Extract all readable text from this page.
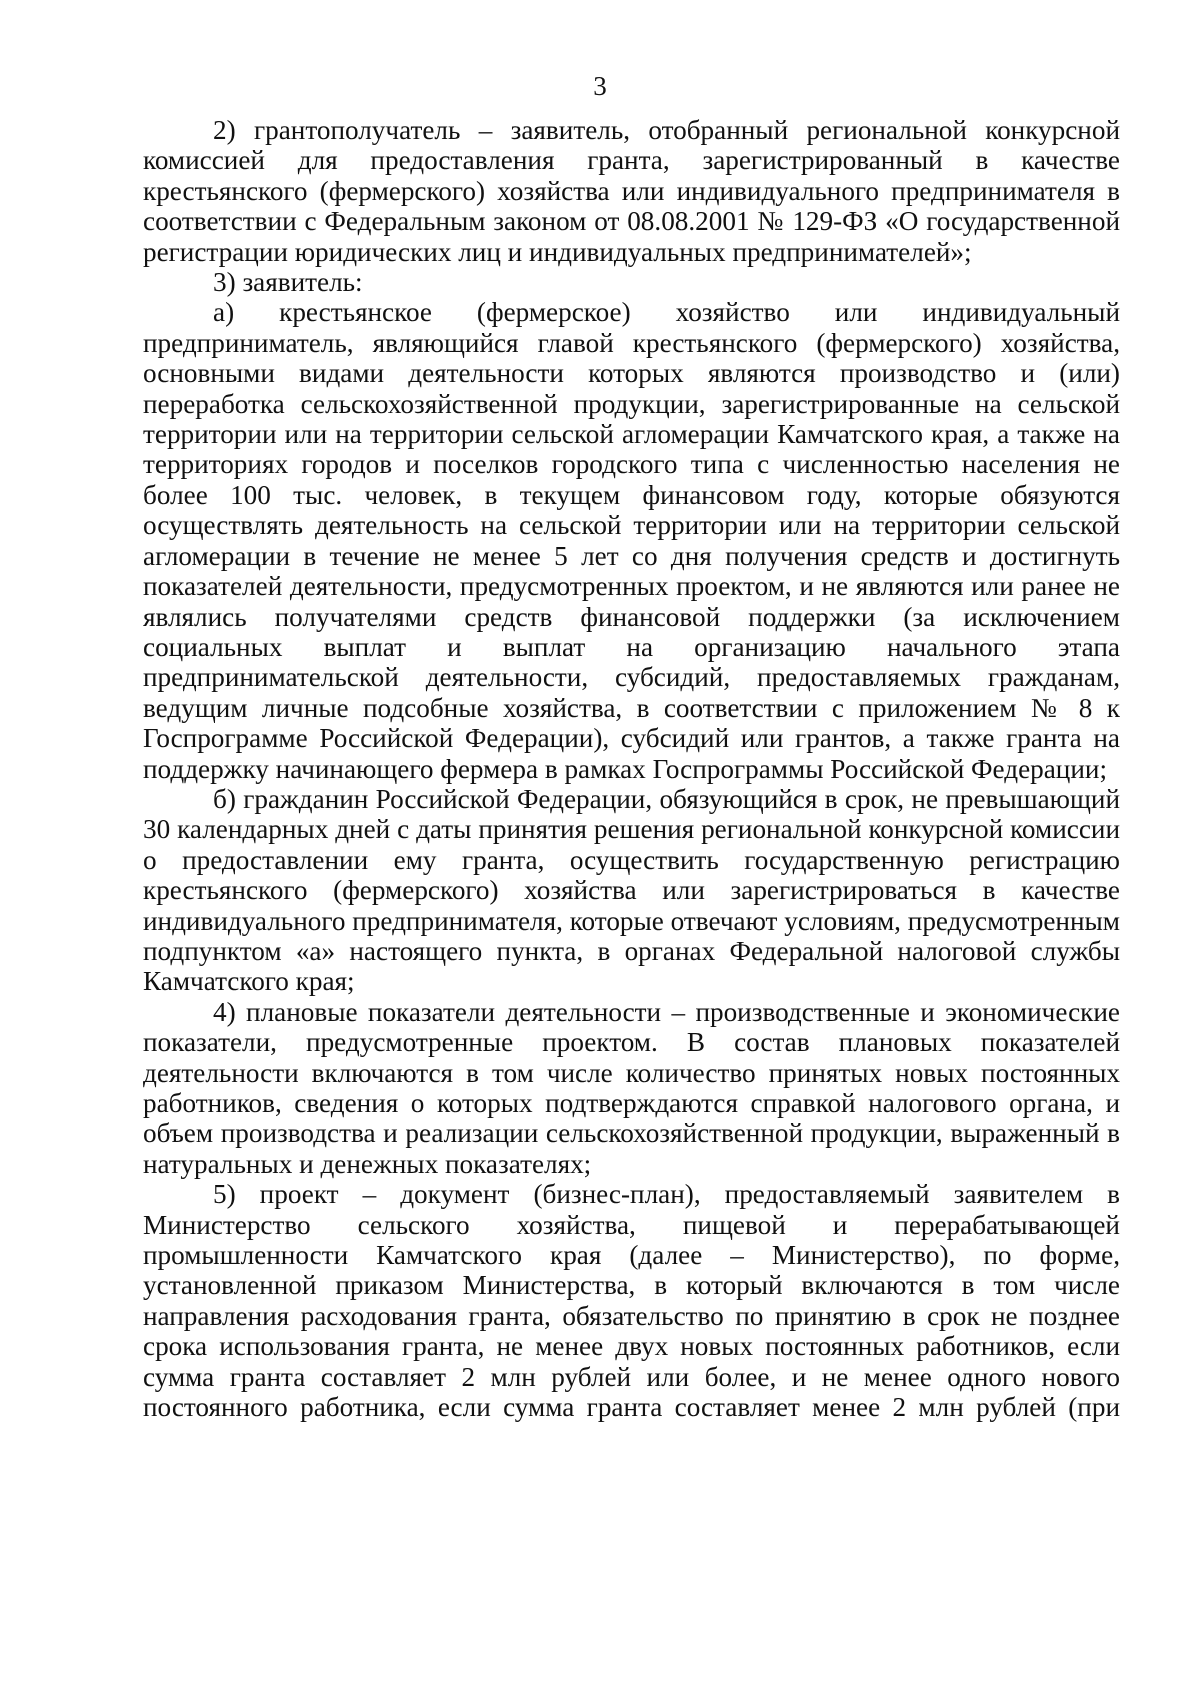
3

2) грантополучатель – заявитель, отобранный региональной конкурсной комиссией для предоставления гранта, зарегистрированный в качестве крестьянского (фермерского) хозяйства или индивидуального предпринимателя в соответствии с Федеральным законом от 08.08.2001 № 129-ФЗ «О государственной регистрации юридических лиц и индивидуальных предпринимателей»;

3) заявитель:

а) крестьянское (фермерское) хозяйство или индивидуальный предприниматель, являющийся главой крестьянского (фермерского) хозяйства, основными видами деятельности которых являются производство и (или) переработка сельскохозяйственной продукции, зарегистрированные на сельской территории или на территории сельской агломерации Камчатского края, а также на территориях городов и поселков городского типа с численностью населения не более 100 тыс. человек, в текущем финансовом году, которые обязуются осуществлять деятельность на сельской территории или на территории сельской агломерации в течение не менее 5 лет со дня получения средств и достигнуть показателей деятельности, предусмотренных проектом, и не являются или ранее не являлись получателями средств финансовой поддержки (за исключением социальных выплат и выплат на организацию начального этапа предпринимательской деятельности, субсидий, предоставляемых гражданам, ведущим личные подсобные хозяйства, в соответствии с приложением № 8 к Госпрограмме Российской Федерации), субсидий или грантов, а также гранта на поддержку начинающего фермера в рамках Госпрограммы Российской Федерации;

б) гражданин Российской Федерации, обязующийся в срок, не превышающий 30 календарных дней с даты принятия решения региональной конкурсной комиссии о предоставлении ему гранта, осуществить государственную регистрацию крестьянского (фермерского) хозяйства или зарегистрироваться в качестве индивидуального предпринимателя, которые отвечают условиям, предусмотренным подпунктом «а» настоящего пункта, в органах Федеральной налоговой службы Камчатского края;

4) плановые показатели деятельности – производственные и экономические показатели, предусмотренные проектом. В состав плановых показателей деятельности включаются в том числе количество принятых новых постоянных работников, сведения о которых подтверждаются справкой налогового органа, и объем производства и реализации сельскохозяйственной продукции, выраженный в натуральных и денежных показателях;

5) проект – документ (бизнес-план), предоставляемый заявителем в Министерство сельского хозяйства, пищевой и перерабатывающей промышленности Камчатского края (далее – Министерство), по форме, установленной приказом Министерства, в который включаются в том числе направления расходования гранта, обязательство по принятию в срок не позднее срока использования гранта, не менее двух новых постоянных работников, если сумма гранта составляет 2 млн рублей или более, и не менее одного нового постоянного работника, если сумма гранта составляет менее 2 млн рублей (при
